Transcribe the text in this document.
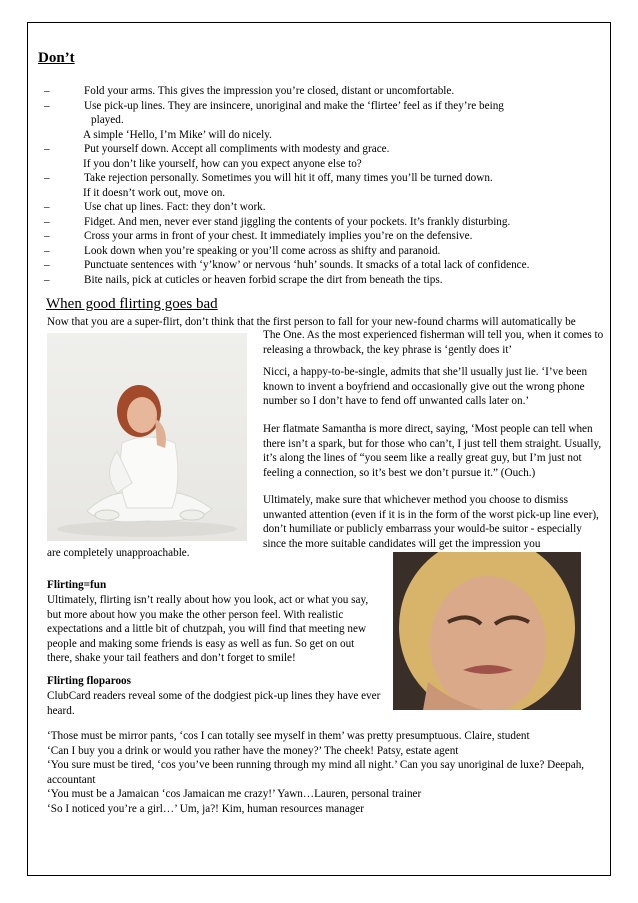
Don’t
–	Fold your arms. This gives the impression you’re closed, distant or uncomfortable.
–	Use pick-up lines. They are insincere, unoriginal and make the ‘flirtee’ feel as if they’re being
played.
A simple ‘Hello, I’m Mike’ will do nicely.
–	Put yourself down. Accept all compliments with modesty and grace.
If you don’t like yourself, how can you expect anyone else to?
–	Take rejection personally. Sometimes you will hit it off, many times you’ll be turned down.
If it doesn’t work out, move on.
–	Use chat up lines. Fact: they don’t work.
–	Fidget. And men, never ever stand jiggling the contents of your pockets. It’s frankly disturbing.
–	Cross your arms in front of your chest. It immediately implies you’re on the defensive.
–	Look down when you’re speaking or you’ll come across as shifty and paranoid.
–	Punctuate sentences with ‘y’know’ or nervous ‘huh’ sounds. It smacks of a total lack of confidence.
–	Bite nails, pick at cuticles or heaven forbid scrape the dirt from beneath the tips.
When good flirting goes bad
Now that you are a super-flirt, don’t think that the first person to fall for your new-found charms will automatically be
The One. As the most experienced fisherman will tell you, when it comes to releasing a throwback, the key phrase is ‘gently does it’
Nicci, a happy-to-be-single, admits that she’ll usually just lie. ‘I’ve been known to invent a boyfriend and occasionally give out the wrong phone number so I don’t have to fend off unwanted calls later on.’
Her flatmate Samantha is more direct, saying, ‘Most people can tell when there isn’t a spark, but for those who can’t, I just tell them straight. Usually, it’s along the lines of “you seem like a really great guy, but I’m just not feeling a connection, so it’s best we don’t pursue it.” (Ouch.)
Ultimately, make sure that whichever method you choose to dismiss unwanted attention (even if it is in the form of the worst pick-up line ever), don’t humiliate or publicly embarrass your would-be suitor - especially since the more suitable candidates will get the impression you
are completely unapproachable.
Flirting=fun
Ultimately, flirting isn’t really about how you look, act or what you say, but more about how you make the other person feel. With realistic expectations and a little bit of chutzpah, you will find that meeting new people and making some friends is easy as well as fun. So get on out there, shake your tail feathers and don’t forget to smile!
Flirting floparoos
ClubCard readers reveal some of the dodgiest pick-up lines they have ever heard.
‘Those must be mirror pants, ‘cos I can totally see myself in them’ was pretty presumptuous. Claire, student
‘Can I buy you a drink or would you rather have the money?’ The cheek! Patsy, estate agent
‘You sure must be tired, ‘cos you’ve been running through my mind all night.’ Can you say unoriginal de luxe? Deepah, accountant
‘You must be a Jamaican ‘cos Jamaican me crazy!’ Yawn…Lauren, personal trainer
‘So I noticed you’re a girl…’ Um, ja?! Kim, human resources manager
